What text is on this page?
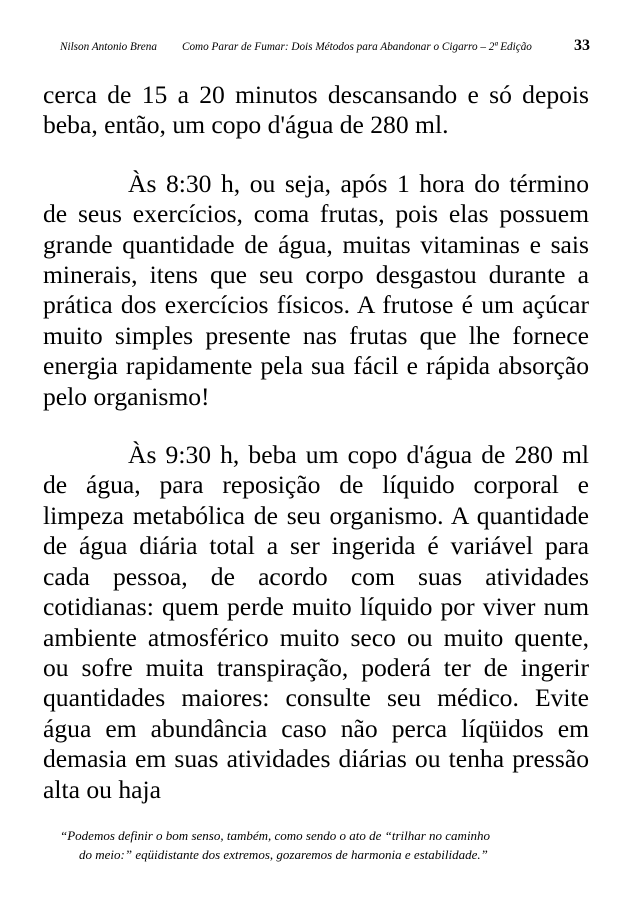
Nilson Antonio Brena Como Parar de Fumar: Dois Métodos para Abandonar o Cigarro – 2ª Edição	33

cerca de 15 a 20 minutos descansando e só depois beba, então, um copo d'água de 280 ml.

Às 8:30 h, ou seja, após 1 hora do término de seus exercícios, coma frutas, pois elas possuem grande quantidade de água, muitas vitaminas e sais minerais, itens que seu corpo desgastou durante a prática dos exercícios físicos. A frutose é um açúcar muito simples presente nas frutas que lhe fornece energia rapidamente pela sua fácil e rápida absorção pelo organismo!

Às 9:30 h, beba um copo d'água de 280 ml de água, para reposição de líquido corporal e limpeza metabólica de seu organismo. A quantidade de água diária total a ser ingerida é variável para cada pessoa, de acordo com suas atividades cotidianas: quem perde muito líquido por viver num ambiente atmosférico muito seco ou muito quente, ou sofre muita transpiração, poderá ter de ingerir quantidades maiores: consulte seu médico. Evite água em abundância caso não perca líqüidos em demasia em suas atividades diárias ou tenha pressão alta ou haja

“Podemos definir o bom senso, também, como sendo o ato de “trilhar no caminho
do meio:” eqüidistante dos extremos, gozaremos de harmonia e estabilidade.”
